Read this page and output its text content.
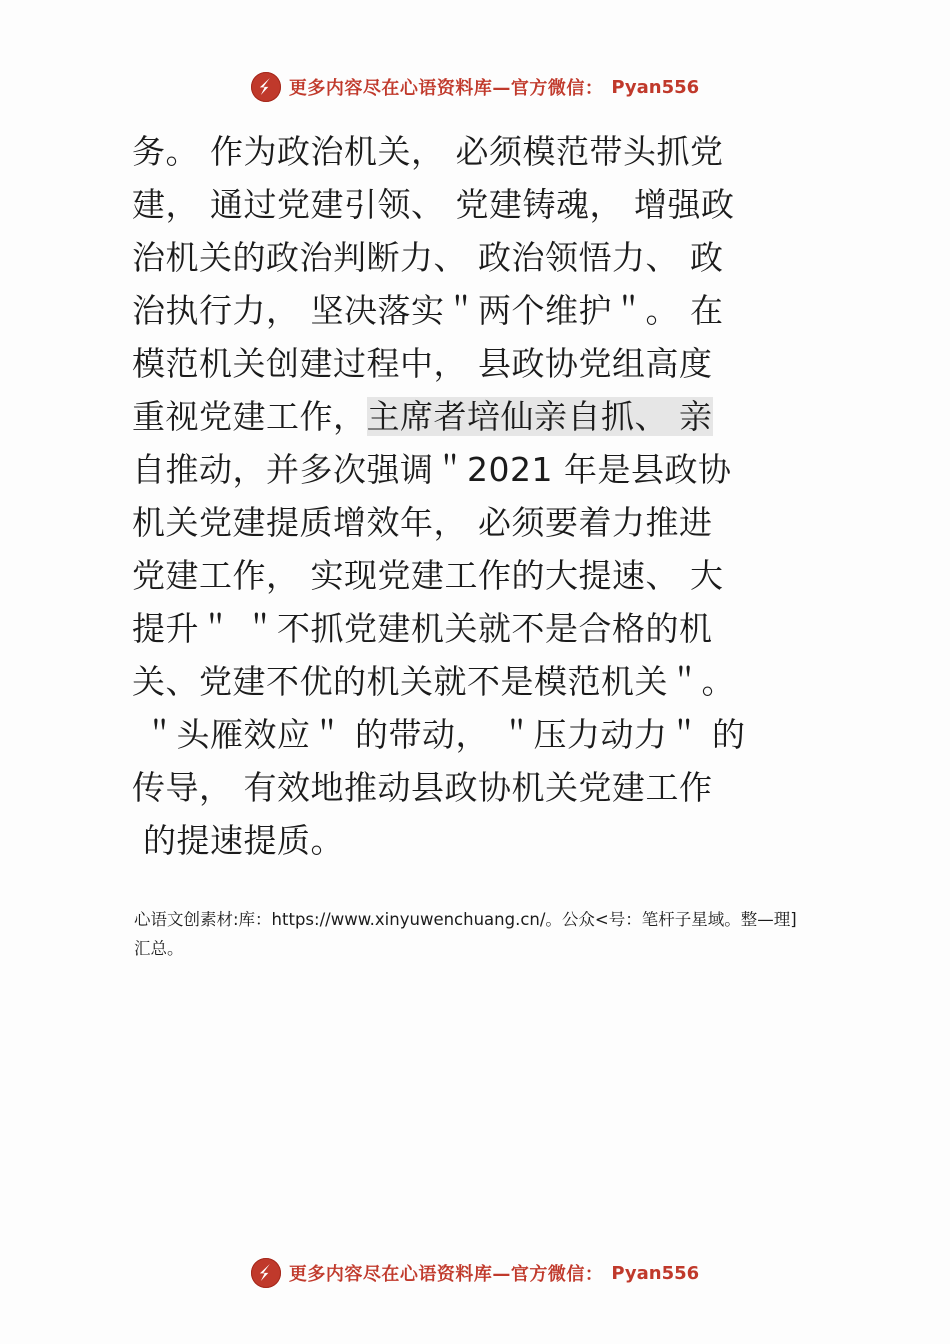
更多内容尽在心语资料库—官方微信： Pyan556
务。 作为政治机关， 必须模范带头抓党
建， 通过党建引领、 党建铸魂， 增强政
治机关的政治判断力、 政治领悟力、 政
治执行力， 坚决落实＂两个维护＂。 在
模范机关创建过程中， 县政协党组高度
重视党建工作，主席者培仙亲自抓、 亲
自推动，并多次强调＂2021 年是县政协
机关党建提质增效年， 必须要着力推进
党建工作， 实现党建工作的大提速、 大
提升＂ ＂不抓党建机关就不是合格的机
关、党建不优的机关就不是模范机关＂。
＂头雁效应＂ 的带动， ＂压力动力＂ 的
传导， 有效地推动县政协机关党建工作
的提速提质。
心语文创素材:库：https://www.xinyuwenchuang.cn/。公众<号：笔杆子星域。整—理]
汇总。
更多内容尽在心语资料库—官方微信： Pyan556
